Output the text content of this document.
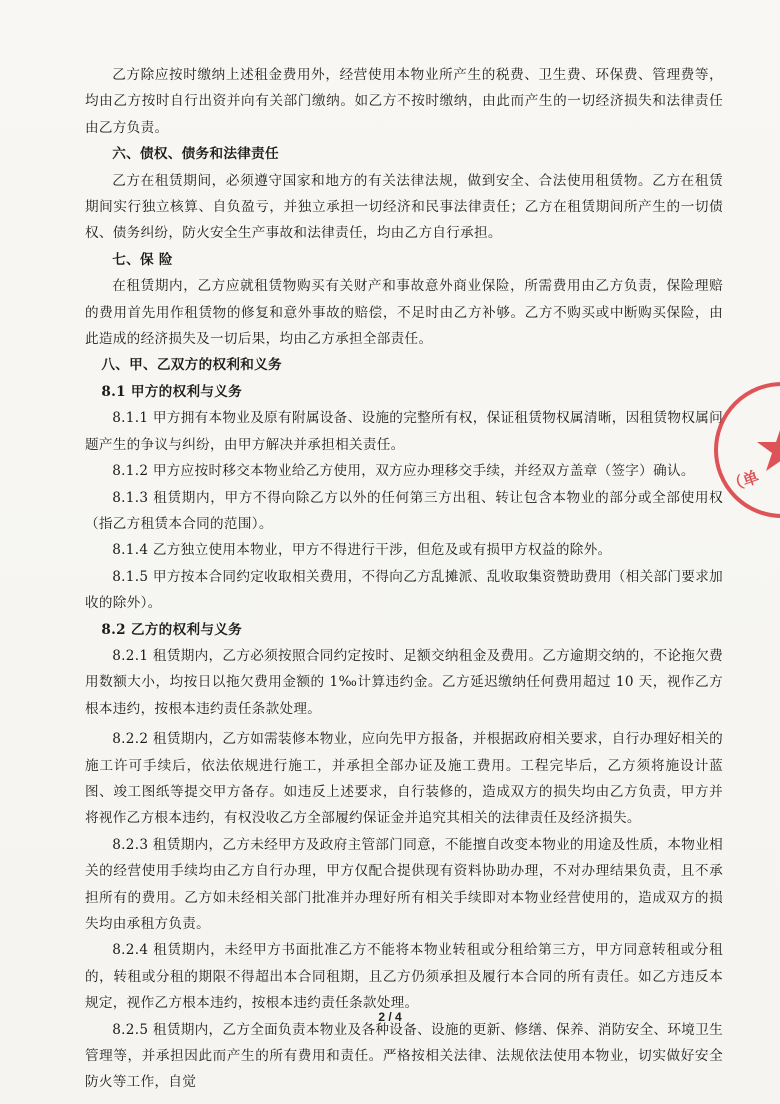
乙方除应按时缴纳上述租金费用外，经营使用本物业所产生的税费、卫生费、环保费、管理费等，均由乙方按时自行出资并向有关部门缴纳。如乙方不按时缴纳，由此而产生的一切经济损失和法律责任由乙方负责。

六、债权、债务和法律责任

乙方在租赁期间，必须遵守国家和地方的有关法律法规，做到安全、合法使用租赁物。乙方在租赁期间实行独立核算、自负盈亏，并独立承担一切经济和民事法律责任；乙方在租赁期间所产生的一切债权、债务纠纷，防火安全生产事故和法律责任，均由乙方自行承担。

七、保 险

在租赁期内，乙方应就租赁物购买有关财产和事故意外商业保险，所需费用由乙方负责，保险理赔的费用首先用作租赁物的修复和意外事故的赔偿，不足时由乙方补够。乙方不购买或中断购买保险，由此造成的经济损失及一切后果，均由乙方承担全部责任。

八、甲、乙双方的权利和义务

8.1 甲方的权利与义务

8.1.1 甲方拥有本物业及原有附属设备、设施的完整所有权，保证租赁物权属清晰，因租赁物权属问题产生的争议与纠纷，由甲方解决并承担相关责任。

8.1.2 甲方应按时移交本物业给乙方使用，双方应办理移交手续，并经双方盖章（签字）确认。

8.1.3 租赁期内，甲方不得向除乙方以外的任何第三方出租、转让包含本物业的部分或全部使用权（指乙方租赁本合同的范围）。

8.1.4 乙方独立使用本物业，甲方不得进行干涉，但危及或有损甲方权益的除外。

8.1.5 甲方按本合同约定收取相关费用，不得向乙方乱摊派、乱收取集资赞助费用（相关部门要求加收的除外）。

8.2 乙方的权利与义务

8.2.1 租赁期内，乙方必须按照合同约定按时、足额交纳租金及费用。乙方逾期交纳的，不论拖欠费用数额大小，均按日以拖欠费用金额的 1‰计算违约金。乙方延迟缴纳任何费用超过 10 天，视作乙方根本违约，按根本违约责任条款处理。

8.2.2 租赁期内，乙方如需装修本物业，应向先甲方报备，并根据政府相关要求，自行办理好相关的施工许可手续后，依法依规进行施工，并承担全部办证及施工费用。工程完毕后，乙方须将施设计蓝图、竣工图纸等提交甲方备存。如违反上述要求，自行装修的，造成双方的损失均由乙方负责，甲方并将视作乙方根本违约，有权没收乙方全部履约保证金并追究其相关的法律责任及经济损失。

8.2.3 租赁期内，乙方未经甲方及政府主管部门同意，不能擅自改变本物业的用途及性质，本物业相关的经营使用手续均由乙方自行办理，甲方仅配合提供现有资料协助办理，不对办理结果负责，且不承担所有的费用。乙方如未经相关部门批准并办理好所有相关手续即对本物业经营使用的，造成双方的损失均由承租方负责。

8.2.4 租赁期内，未经甲方书面批准乙方不能将本物业转租或分租给第三方，甲方同意转租或分租的，转租或分租的期限不得超出本合同租期，且乙方仍须承担及履行本合同的所有责任。如乙方违反本规定，视作乙方根本违约，按根本违约责任条款处理。

8.2.5 租赁期内，乙方全面负责本物业及各种设备、设施的更新、修缮、保养、消防安全、环境卫生管理等，并承担因此而产生的所有费用和责任。严格按相关法律、法规依法使用本物业，切实做好安全防火等工作，自觉

（单
2 / 4
